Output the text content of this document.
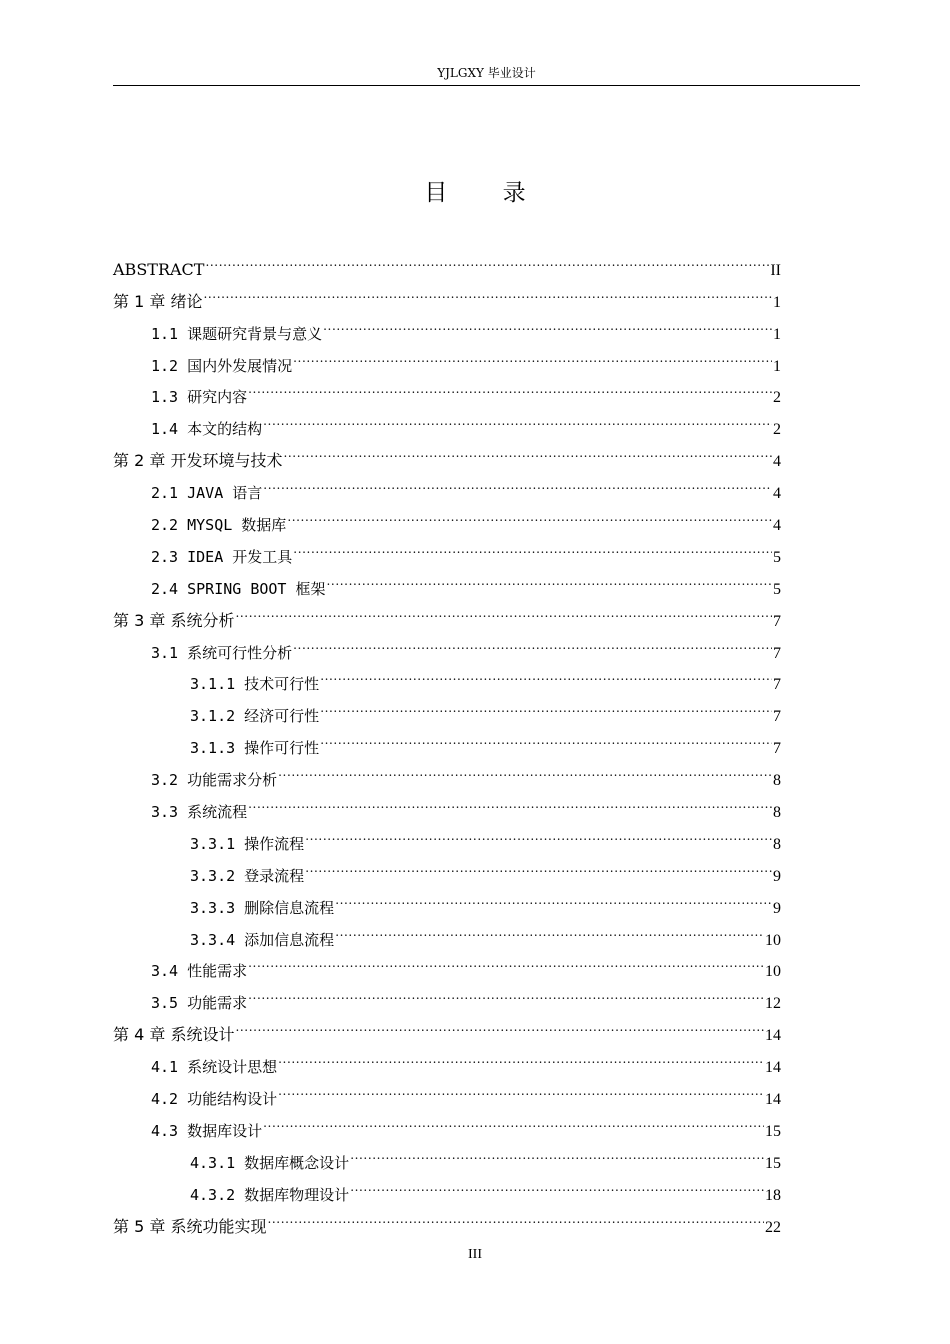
YJLGXY 毕业设计
目 录
ABSTRACT .....	II
第 1 章 绪论 .....	1
1.1 课题研究背景与意义 .....	1
1.2 国内外发展情况 .....	1
1.3 研究内容 .....	2
1.4 本文的结构 .....	2
第 2 章 开发环境与技术 .....	4
2.1 JAVA 语言 .....	4
2.2 MYSQL 数据库 .....	4
2.3 IDEA 开发工具 .....	5
2.4 SPRING BOOT 框架 .....	5
第 3 章 系统分析 .....	7
3.1 系统可行性分析 .....	7
3.1.1 技术可行性 .....	7
3.1.2 经济可行性 .....	7
3.1.3 操作可行性 .....	7
3.2 功能需求分析 .....	8
3.3 系统流程 .....	8
3.3.1 操作流程 .....	8
3.3.2 登录流程 .....	9
3.3.3 删除信息流程 .....	9
3.3.4 添加信息流程 .....	10
3.4 性能需求 .....	10
3.5 功能需求 .....	12
第 4 章 系统设计 .....	14
4.1 系统设计思想 .....	14
4.2 功能结构设计 .....	14
4.3 数据库设计 .....	15
4.3.1 数据库概念设计 .....	15
4.3.2 数据库物理设计 .....	18
第 5 章 系统功能实现 .....	22
III
